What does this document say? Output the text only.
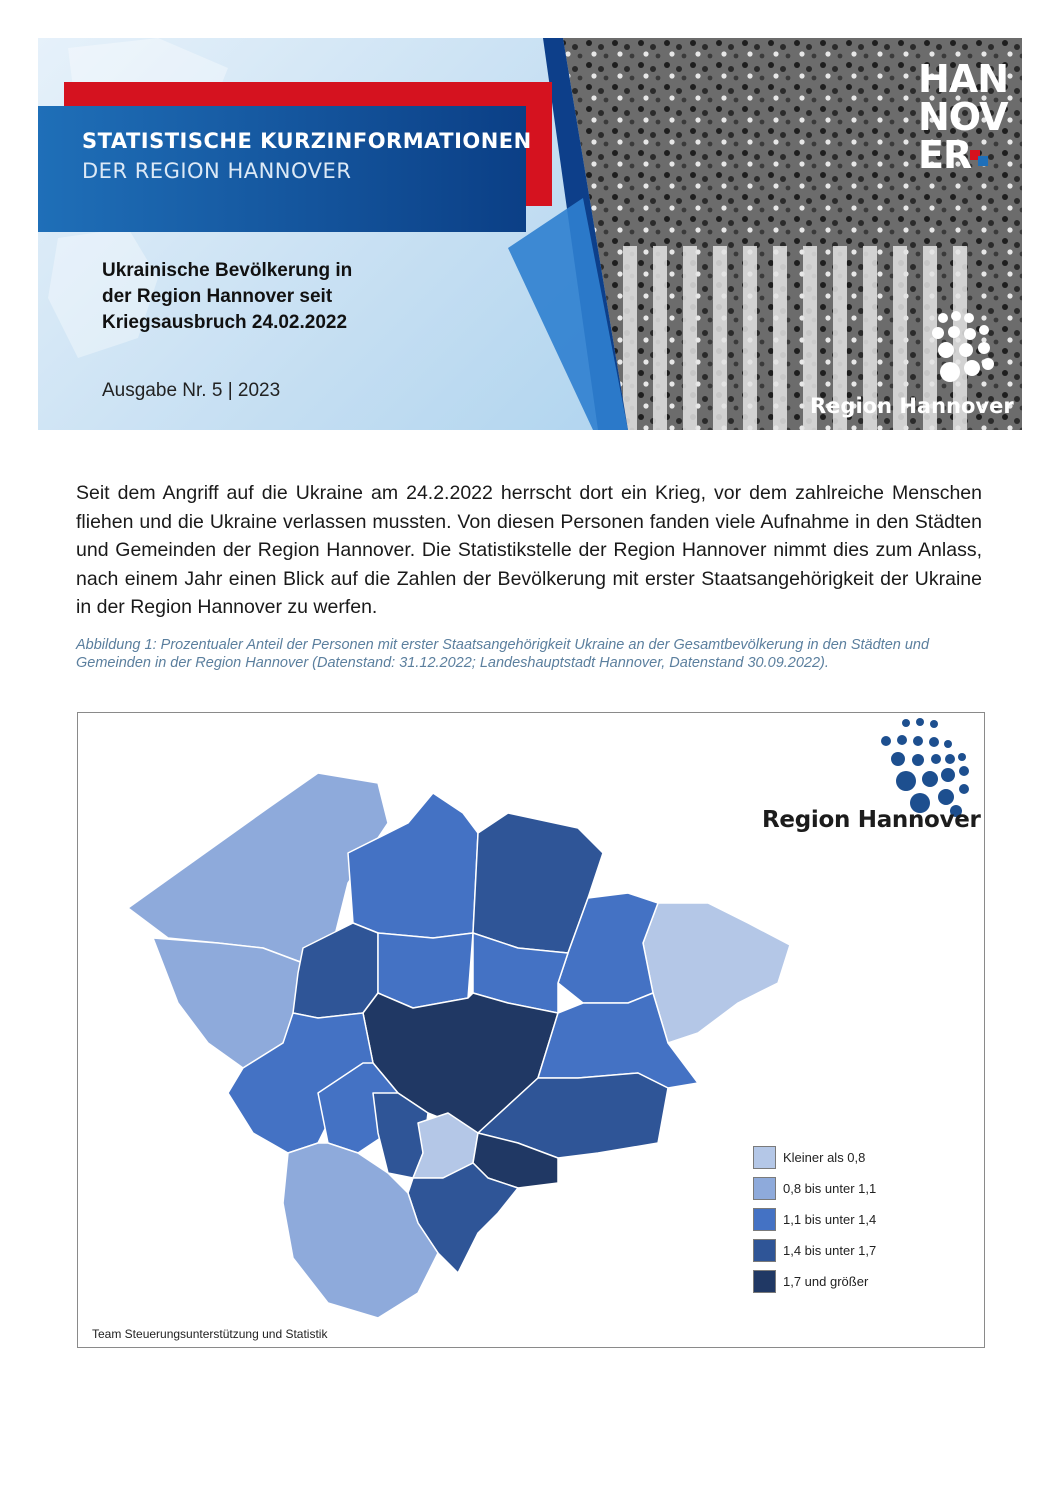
STATISTISCHE KURZINFORMATIONEN
DER REGION HANNOVER
Ukrainische Bevölkerung in
der Region Hannover seit
Kriegsausbruch 24.02.2022
Ausgabe Nr. 5 | 2023
HAN
NOV
ER
Region Hannover

Seit dem Angriff auf die Ukraine am 24.2.2022 herrscht dort ein Krieg, vor dem zahlreiche Menschen fliehen und die Ukraine verlassen mussten. Von diesen Personen fanden viele Aufnahme in den Städten und Gemeinden der Region Hannover. Die Statistikstelle der Region Hannover nimmt dies zum Anlass, nach einem Jahr einen Blick auf die Zahlen der Bevölkerung mit erster Staatsangehörigkeit der Ukraine in der Region Hannover zu werfen.

Abbildung 1: Prozentualer Anteil der Personen mit erster Staatsangehörigkeit Ukraine an der Gesamtbevölkerung in den Städten und Gemeinden in der Region Hannover (Datenstand: 31.12.2022; Landeshauptstadt Hannover, Datenstand 30.09.2022).

Region Hannover
Kleiner als 0,8
0,8 bis unter 1,1
1,1 bis unter 1,4
1,4 bis unter 1,7
1,7 und größer
Team Steuerungsunterstützung und Statistik
